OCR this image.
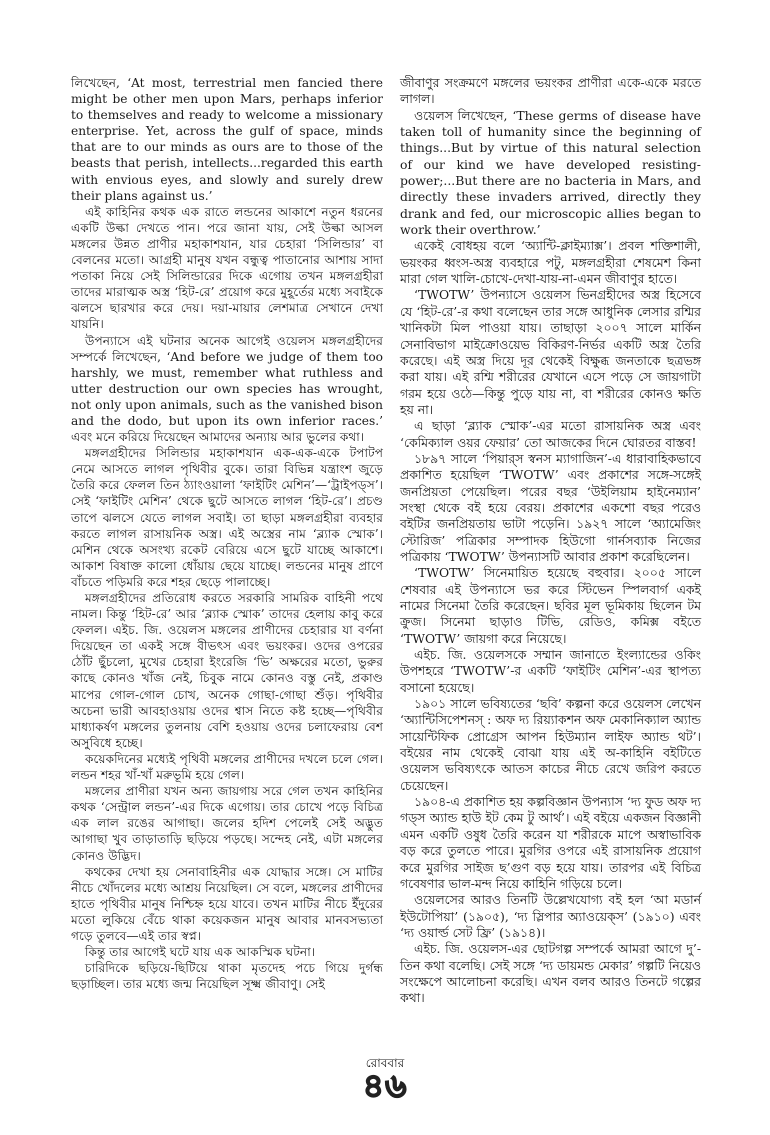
লিখেছেন, ‘At most, terrestrial men fancied there might be other men upon Mars, perhaps inferior to themselves and ready to welcome a missionary enterprise. Yet, across the gulf of space, minds that are to our minds as ours are to those of the beasts that perish, intellects...regarded this earth with envious eyes, and slowly and surely drew their plans against us.’

এই কাহিনির কথক এক রাতে লন্ডনের আকাশে নতুন ধরনের একটি উল্কা দেখতে পান। পরে জানা যায়, সেই উল্কা আসল মঙ্গলের উন্নত প্রাণীর মহাকাশযান, যার চেহারা ‘সিলিন্ডার’ বা বেলনের মতো। আগ্রহী মানুষ যখন বন্ধুত্ব পাতানোর আশায় সাদা পতাকা নিয়ে সেই সিলিন্ডারের দিকে এগোয় তখন মঙ্গলগ্রহীরা তাদের মারাত্মক অস্ত্র ‘হিট-রে’ প্রয়োগ করে মুহূর্তের মধ্যে সবাইকে ঝলসে ছারখার করে দেয়। দয়া-মায়ার লেশমাত্র সেখানে দেখা যায়নি।

উপন্যাসে এই ঘটনার অনেক আগেই ওয়েলস মঙ্গলগ্রহীদের সম্পর্কে লিখেছেন, ‘And before we judge of them too harshly, we must, remember what ruthless and utter destruction our own species has wrought, not only upon animals, such as the vanished bison and the dodo, but upon its own inferior races.’ এবং মনে করিয়ে দিয়েছেন আমাদের অন্যায় আর ভুলের কথা।

মঙ্গলগ্রহীদের সিলিন্ডার মহাকাশযান এক-এক-একে টপাটপ নেমে আসতে লাগল পৃথিবীর বুকে। তারা বিভিন্ন যন্ত্রাংশ জুড়ে তৈরি করে ফেলল তিন ঠ্যাংওয়ালা ‘ফাইটিং মেশিন’—‘ট্রাইপড্‌স’। সেই ‘ফাইটিং মেশিন’ থেকে ছুটে আসতে লাগল ‘হিট-রে’। প্রচণ্ড তাপে ঝলসে যেতে লাগল সবাই। তা ছাড়া মঙ্গলগ্রহীরা ব্যবহার করতে লাগল রাসায়নিক অস্ত্র। এই অস্ত্রের নাম ‘ব্ল্যাক স্মোক’। মেশিন থেকে অসংখ্য রকেট বেরিয়ে এসে ছুটে যাচ্ছে আকাশে। আকাশ বিষাক্ত কালো ধোঁয়ায় ছেয়ে যাচ্ছে। লন্ডনের মানুষ প্রাণে বাঁচতে পড়িমরি করে শহর ছেড়ে পালাচ্ছে।

মঙ্গলগ্রহীদের প্রতিরোধ করতে সরকারি সামরিক বাহিনী পথে নামল। কিন্তু ‘হিট-রে’ আর ‘ব্ল্যাক স্মোক’ তাদের হেলায় কাবু করে ফেলল। এইচ. জি. ওয়েলস মঙ্গলের প্রাণীদের চেহারার যা বর্ণনা দিয়েছেন তা একই সঙ্গে বীভৎস এবং ভয়ংকর। ওদের ওপরের ঠোঁট ছুঁচলো, মুখের চেহারা ইংরেজি ‘ভি’ অক্ষরের মতো, ভুরুর কাছে কোনও খাঁজ নেই, চিবুক নামে কোনও বস্তু নেই, প্রকাণ্ড মাপের গোল-গোল চোখ, অনেক গোছা-গোছা শুঁড়। পৃথিবীর অচেনা ভারী আবহাওয়ায় ওদের শ্বাস নিতে কষ্ট হচ্ছে—পৃথিবীর মাধ্যাকর্ষণ মঙ্গলের তুলনায় বেশি হওয়ায় ওদের চলাফেরায় বেশ অসুবিধে হচ্ছে।

কয়েকদিনের মধ্যেই পৃথিবী মঙ্গলের প্রাণীদের দখলে চলে গেল। লন্ডন শহর খাঁ-খাঁ মরুভূমি হয়ে গেল।

মঙ্গলের প্রাণীরা যখন অন্য জায়গায় সরে গেল তখন কাহিনির কথক ‘সেন্ট্রাল লন্ডন’-এর দিকে এগোয়। তার চোখে পড়ে বিচিত্র এক লাল রঙের আগাছা। জলের হদিশ পেলেই সেই অদ্ভুত আগাছা খুব তাড়াতাড়ি ছড়িয়ে পড়ছে। সন্দেহ নেই, এটা মঙ্গলের কোনও উদ্ভিদ।

কথকের দেখা হয় সেনাবাহিনীর এক যোদ্ধার সঙ্গে। সে মাটির নীচে খোঁদলের মধ্যে আশ্রয় নিয়েছিল। সে বলে, মঙ্গলের প্রাণীদের হাতে পৃথিবীর মানুষ নিশ্চিহ্ন হয়ে যাবে। তখন মাটির নীচে ইঁদুরের মতো লুকিয়ে বেঁচে থাকা কয়েকজন মানুষ আবার মানবসভ্যতা গড়ে তুলবে—এই তার স্বপ্ন।

কিন্তু তার আগেই ঘটে যায় এক আকস্মিক ঘটনা।

চারিদিকে ছড়িয়ে-ছিটিয়ে থাকা মৃতদেহ পচে গিয়ে দুর্গন্ধ ছড়াচ্ছিল। তার মধ্যে জন্ম নিয়েছিল সূক্ষ্ম জীবাণু। সেই

জীবাণুর সংক্রমণে মঙ্গলের ভয়ংকর প্রাণীরা একে-একে মরতে লাগল।

ওয়েলস লিখেছেন, ‘These germs of disease have taken toll of humanity since the beginning of things...But by virtue of this natural selection of our kind we have developed resisting-power;...But there are no bacteria in Mars, and directly these invaders arrived, directly they drank and fed, our microscopic allies began to work their overthrow.’

একেই বোধহয় বলে ‘অ্যান্টি-ক্লাইম্যাক্স’। প্রবল শক্তিশালী, ভয়ংকর ধ্বংস-অস্ত্র ব্যবহারে পটু, মঙ্গলগ্রহীরা শেষমেশ কিনা মারা গেল খালি-চোখে-দেখা-যায়-না-এমন জীবাণুর হাতে।

‘TWOTW’ উপন্যাসে ওয়েলস ভিনগ্রহীদের অস্ত্র হিসেবে যে ‘হিট-রে’-র কথা বলেছেন তার সঙ্গে আধুনিক লেসার রশ্মির খানিকটা মিল পাওয়া যায়। তাছাড়া ২০০৭ সালে মার্কিন সেনাবিভাগ মাইক্রোওয়েভ বিকিরণ-নির্ভর একটি অস্ত্র তৈরি করেছে। এই অস্ত্র দিয়ে দূর থেকেই বিক্ষুব্ধ জনতাকে ছত্রভঙ্গ করা যায়। এই রশ্মি শরীরের যেখানে এসে পড়ে সে জায়গাটা গরম হয়ে ওঠে—কিন্তু পুড়ে যায় না, বা শরীরের কোনও ক্ষতি হয় না।

এ ছাড়া ‘ব্ল্যাক স্মোক’-এর মতো রাসায়নিক অস্ত্র এবং ‘কেমিক্যাল ওয়র ফেয়ার’ তো আজকের দিনে ঘোরতর বাস্তব!

১৮৯৭ সালে ‘পিয়ার্‌স স্বনস ম্যাগাজিন’-এ ধারাবাহিকভাবে প্রকাশিত হয়েছিল ‘TWOTW’ এবং প্রকাশের সঙ্গে-সঙ্গেই জনপ্রিয়তা পেয়েছিল। পরের বছর ‘উইলিয়াম হাইনেম্যান’ সংস্থা থেকে বই হয়ে বেরয়। প্রকাশের একশো বছর পরেও বইটির জনপ্রিয়তায় ভাটা পড়েনি। ১৯২৭ সালে ‘অ্যামেজিং স্টোরিজ’ পত্রিকার সম্পাদক হিউগো গার্নসব্যাক নিজের পত্রিকায় ‘TWOTW’ উপন্যাসটি আবার প্রকাশ করেছিলেন।

‘TWOTW’ সিনেমায়িত হয়েছে বহুবার। ২০০৫ সালে শেষবার এই উপন্যাসে ভর করে স্টিভেন স্পিলবার্গ একই নামের সিনেমা তৈরি করেছেন। ছবির মূল ভূমিকায় ছিলেন টম ক্রুজ। সিনেমা ছাড়াও টিভি, রেডিও, কমিক্স বইতে ‘TWOTW’ জায়গা করে নিয়েছে।

এইচ. জি. ওয়েলসকে সম্মান জানাতে ইংল্যান্ডের ওকিং উপশহরে ‘TWOTW’-র একটি ‘ফাইটিং মেশিন’-এর স্থাপত্য বসানো হয়েছে।

১৯০১ সালে ভবিষ্যতের ‘ছবি’ কল্পনা করে ওয়েলস লেখেন ‘অ্যান্টিসিপেশনস্‌ : অফ দ্য রিয়্যাকশন অফ মেকানিক্যাল অ্যান্ড সায়েন্টিফিক প্রোগ্রেস আপন হিউম্যান লাইফ অ্যান্ড থট’। বইয়ের নাম থেকেই বোঝা যায় এই অ-কাহিনি বইটিতে ওয়েলস ভবিষ্যৎকে আতস কাচের নীচে রেখে জরিপ করতে চেয়েছেন।

১৯০৪-এ প্রকাশিত হয় কল্পবিজ্ঞান উপন্যাস ‘দ্য ফুড অফ দ্য গড্‌স অ্যান্ড হাউ ইট কেম টু আর্থ’। এই বইয়ে একজন বিজ্ঞানী এমন একটি ওষুধ তৈরি করেন যা শরীরকে মাপে অস্বাভাবিক বড় করে তুলতে পারে। মুরগির ওপরে এই রাসায়নিক প্রয়োগ করে মুরগির সাইজ ছ’গুণ বড় হয়ে যায়। তারপর এই বিচিত্র গবেষণার ভাল-মন্দ নিয়ে কাহিনি গড়িয়ে চলে।

ওয়েলসের আরও তিনটি উল্লেখযোগ্য বই হল ‘আ মডার্ন ইউটোপিয়া’ (১৯০৫), ‘দ্য স্লিপার অ্যাওয়েক্‌স’ (১৯১০) এবং ‘দ্য ওয়ার্ল্ড সেট ফ্রি’ (১৯১৪)।

এইচ. জি. ওয়েলস-এর ছোটগল্প সম্পর্কে আমরা আগে দু’-তিন কথা বলেছি। সেই সঙ্গে ‘দ্য ডায়মন্ড মেকার’ গল্পটি নিয়েও সংক্ষেপে আলোচনা করেছি। এখন বলব আরও তিনটে গল্পের কথা।

রোববার
৪৬
